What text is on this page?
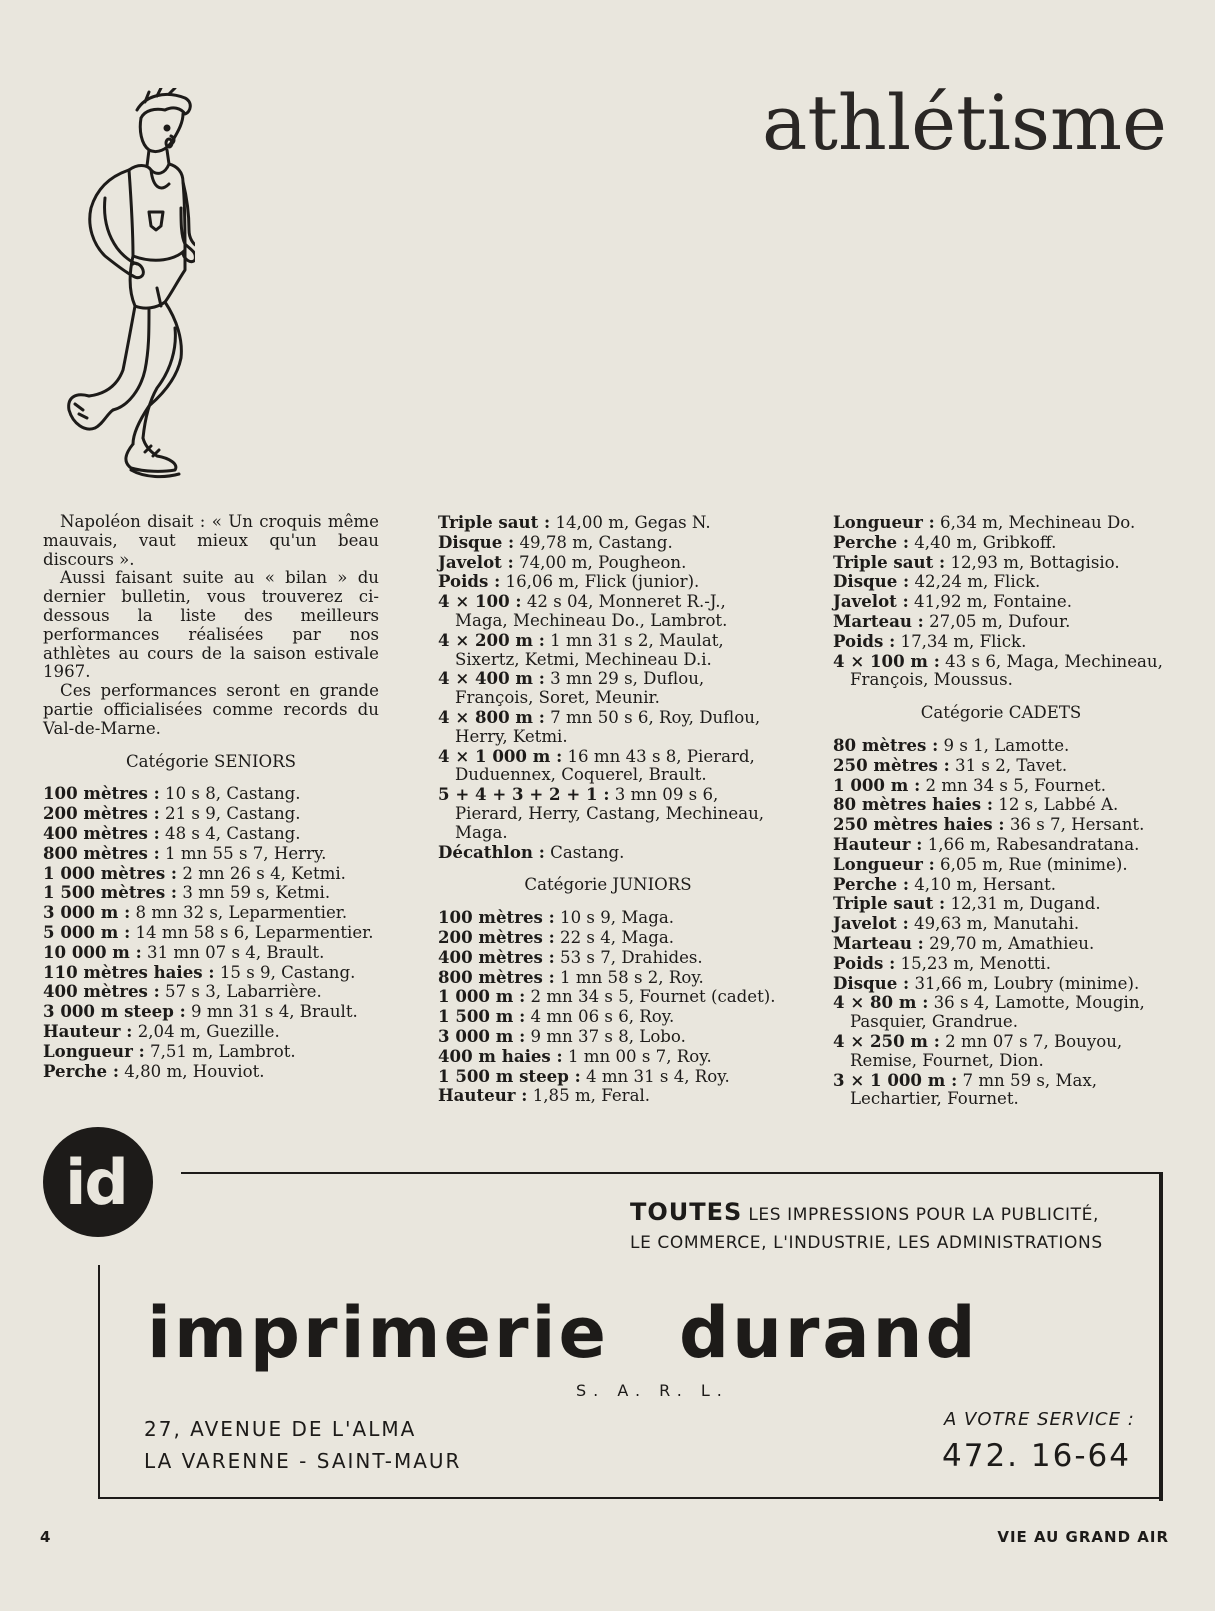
athlétisme

Napoléon disait : « Un croquis même mauvais, vaut mieux qu'un beau discours ».

Aussi faisant suite au « bilan » du dernier bulletin, vous trouverez ci-dessous la liste des meilleurs performances réalisées par nos athlètes au cours de la saison estivale 1967.

Ces performances seront en grande partie officialisées comme records du Val-de-Marne.

Catégorie SENIORS
100 mètres : 10 s 8, Castang.
200 mètres : 21 s 9, Castang.
400 mètres : 48 s 4, Castang.
800 mètres : 1 mn 55 s 7, Herry.
1 000 mètres : 2 mn 26 s 4, Ketmi.
1 500 mètres : 3 mn 59 s, Ketmi.
3 000 m : 8 mn 32 s, Leparmentier.
5 000 m : 14 mn 58 s 6, Leparmentier.
10 000 m : 31 mn 07 s 4, Brault.
110 mètres haies : 15 s 9, Castang.
400 mètres : 57 s 3, Labarrière.
3 000 m steep : 9 mn 31 s 4, Brault.
Hauteur : 2,04 m, Guezille.
Longueur : 7,51 m, Lambrot.
Perche : 4,80 m, Houviot.
Triple saut : 14,00 m, Gegas N.
Disque : 49,78 m, Castang.
Javelot : 74,00 m, Pougheon.
Poids : 16,06 m, Flick (junior).
4 × 100 : 42 s 04, Monneret R.-J., Maga, Mechineau Do., Lambrot.
4 × 200 m : 1 mn 31 s 2, Maulat, Sixertz, Ketmi, Mechineau D.i.
4 × 400 m : 3 mn 29 s, Duflou, François, Soret, Meunir.
4 × 800 m : 7 mn 50 s 6, Roy, Duflou, Herry, Ketmi.
4 × 1 000 m : 16 mn 43 s 8, Pierard, Duduennex, Coquerel, Brault.
5 + 4 + 3 + 2 + 1 : 3 mn 09 s 6, Pierard, Herry, Castang, Mechineau, Maga.
Décathlon : Castang.
Catégorie JUNIORS
100 mètres : 10 s 9, Maga.
200 mètres : 22 s 4, Maga.
400 mètres : 53 s 7, Drahides.
800 mètres : 1 mn 58 s 2, Roy.
1 000 m : 2 mn 34 s 5, Fournet (cadet).
1 500 m : 4 mn 06 s 6, Roy.
3 000 m : 9 mn 37 s 8, Lobo.
400 m haies : 1 mn 00 s 7, Roy.
1 500 m steep : 4 mn 31 s 4, Roy.
Hauteur : 1,85 m, Feral.
Longueur : 6,34 m, Mechineau Do.
Perche : 4,40 m, Gribkoff.
Triple saut : 12,93 m, Bottagisio.
Disque : 42,24 m, Flick.
Javelot : 41,92 m, Fontaine.
Marteau : 27,05 m, Dufour.
Poids : 17,34 m, Flick.
4 × 100 m : 43 s 6, Maga, Mechineau, François, Moussus.
Catégorie CADETS
80 mètres : 9 s 1, Lamotte.
250 mètres : 31 s 2, Tavet.
1 000 m : 2 mn 34 s 5, Fournet.
80 mètres haies : 12 s, Labbé A.
250 mètres haies : 36 s 7, Hersant.
Hauteur : 1,66 m, Rabesandratana.
Longueur : 6,05 m, Rue (minime).
Perche : 4,10 m, Hersant.
Triple saut : 12,31 m, Dugand.
Javelot : 49,63 m, Manutahi.
Marteau : 29,70 m, Amathieu.
Poids : 15,23 m, Menotti.
Disque : 31,66 m, Loubry (minime).
4 × 80 m : 36 s 4, Lamotte, Mougin, Pasquier, Grandrue.
4 × 250 m : 2 mn 07 s 7, Bouyou, Remise, Fournet, Dion.
3 × 1 000 m : 7 mn 59 s, Max, Lechartier, Fournet.
id	TOUTES LES IMPRESSIONS POUR LA PUBLICITÉ,
LE COMMERCE, L'INDUSTRIE, LES ADMINISTRATIONS
imprimerie durand
S. A. R. L.
27, AVENUE DE L'ALMA
LA VARENNE - SAINT-MAUR
A VOTRE SERVICE :
472. 16-64
4	VIE AU GRAND AIR
